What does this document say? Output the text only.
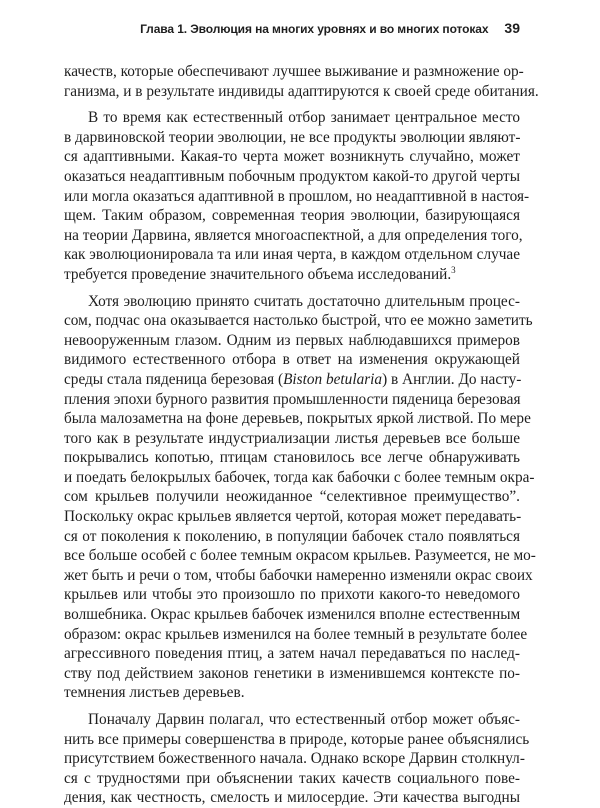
Глава 1. Эволюция на многих уровнях и во многих потоках 39
качеств, которые обеспечивают лучшее выживание и размножение ор-
ганизма, и в результате индивиды адаптируются к своей среде обитания.
В то время как естественный отбор занимает центральное место
в дарвиновской теории эволюции, не все продукты эволюции являют-
ся адаптивными. Какая-то черта может возникнуть случайно, может
оказаться неадаптивным побочным продуктом какой-то другой черты
или могла оказаться адаптивной в прошлом, но неадаптивной в настоя-
щем. Таким образом, современная теория эволюции, базирующаяся
на теории Дарвина, является многоаспектной, а для определения того,
как эволюционировала та или иная черта, в каждом отдельном случае
требуется проведение значительного объема исследований.$^3$
Хотя эволюцию принято считать достаточно длительным процес-
сом, подчас она оказывается настолько быстрой, что ее можно заметить
невооруженным глазом. Одним из первых наблюдавшихся примеров
видимого естественного отбора в ответ на изменения окружающей
среды стала пяденица березовая (Biston betularia) в Англии. До насту-
пления эпохи бурного развития промышленности пяденица березовая
была малозаметна на фоне деревьев, покрытых яркой листвой. По мере
того как в результате индустриализации листья деревьев все больше
покрывались копотью, птицам становилось все легче обнаруживать
и поедать белокрылых бабочек, тогда как бабочки с более темным окра-
сом крыльев получили неожиданное “селективное преимущество”.
Поскольку окрас крыльев является чертой, которая может передавать-
ся от поколения к поколению, в популяции бабочек стало появляться
все больше особей с более темным окрасом крыльев. Разумеется, не мо-
жет быть и речи о том, чтобы бабочки намеренно изменяли окрас своих
крыльев или чтобы это произошло по прихоти какого-то неведомого
волшебника. Окрас крыльев бабочек изменился вполне естественным
образом: окрас крыльев изменился на более темный в результате более
агрессивного поведения птиц, а затем начал передаваться по наслед-
ству под действием законов генетики в изменившемся контексте по-
темнения листьев деревьев.
Поначалу Дарвин полагал, что естественный отбор может объяс-
нить все примеры совершенства в природе, которые ранее объяснялись
присутствием божественного начала. Однако вскоре Дарвин столкнул-
ся с трудностями при объяснении таких качеств социального пове-
дения, как честность, смелость и милосердие. Эти качества выгодны
